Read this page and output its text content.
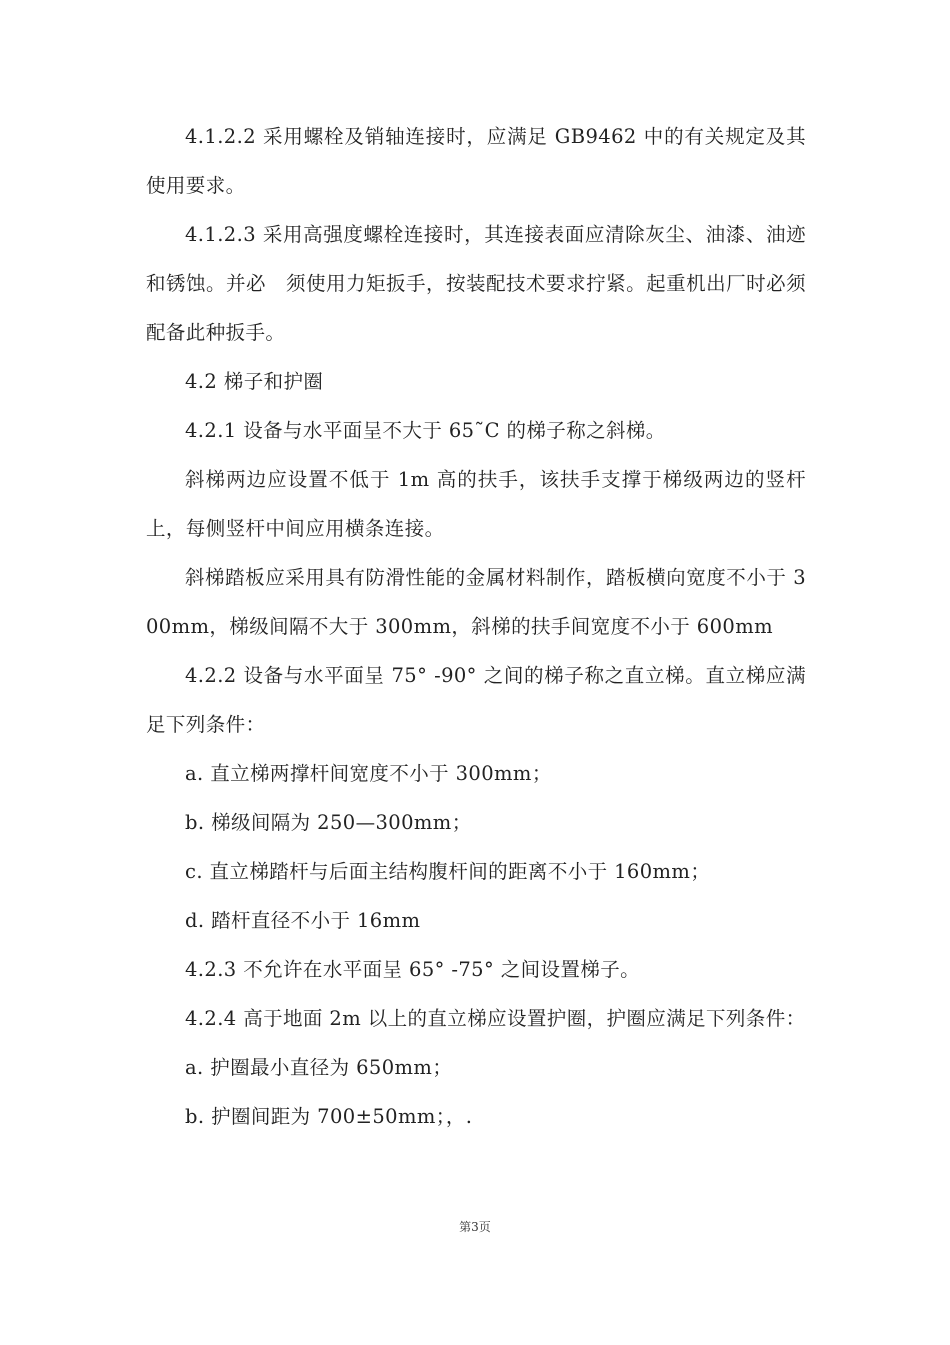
4.1.2.2 采用螺栓及销轴连接时，应满足 GB9462 中的有关规定及其使用要求。

4.1.2.3 采用高强度螺栓连接时，其连接表面应清除灰尘、油漆、油迹和锈蚀。并必　须使用力矩扳手，按装配技术要求拧紧。起重机出厂时必须配备此种扳手。

4.2 梯子和护圈

4.2.1 设备与水平面呈不大于 65˜C 的梯子称之斜梯。

斜梯两边应设置不低于 1m 高的扶手，该扶手支撑于梯级两边的竖杆上，每侧竖杆中间应用横条连接。

斜梯踏板应采用具有防滑性能的金属材料制作，踏板横向宽度不小于 300mm，梯级间隔不大于 300mm，斜梯的扶手间宽度不小于 600mm

4.2.2 设备与水平面呈 75° -90° 之间的梯子称之直立梯。直立梯应满足下列条件：

a. 直立梯两撑杆间宽度不小于 300mm；

b. 梯级间隔为 250—300mm；

c. 直立梯踏杆与后面主结构腹杆间的距离不小于 160mm；

d. 踏杆直径不小于 16mm

4.2.3 不允许在水平面呈 65° -75° 之间设置梯子。

4.2.4 高于地面 2m 以上的直立梯应设置护圈，护圈应满足下列条件：

a. 护圈最小直径为 650mm；

b. 护圈间距为 700±50mm；，.

第3页
